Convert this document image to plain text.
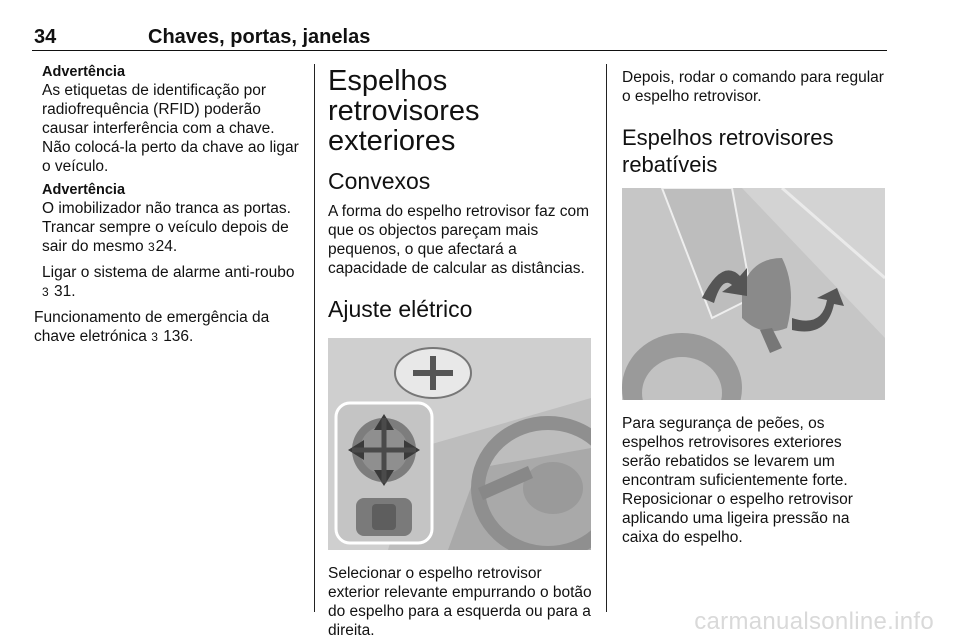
34	Chaves, portas, janelas
Advertência
As etiquetas de identificação por radiofrequência (RFID) poderão causar interferência com a chave. Não colocá-la perto da chave ao ligar o veículo.
Advertência
O imobilizador não tranca as portas. Trancar sempre o veículo depois de sair do mesmo 324.
Ligar o sistema de alarme anti-roubo 3 31.
Funcionamento de emergência da chave eletrónica 3 136.
Espelhos retrovisores exteriores
Convexos

A forma do espelho retrovisor faz com que os objectos pareçam mais pequenos, o que afectará a capacidade de calcular as distâncias.

Ajuste elétrico

Selecionar o espelho retrovisor exterior relevante empurrando o botão do espelho para a esquerda ou para a direita.

Depois, rodar o comando para regular o espelho retrovisor.

Espelhos retrovisores rebatíveis

Para segurança de peões, os espelhos retrovisores exteriores serão rebatidos se levarem um encontram suficientemente forte. Reposicionar o espelho retrovisor aplicando uma ligeira pressão na caixa do espelho.

carmanualsonline.info
